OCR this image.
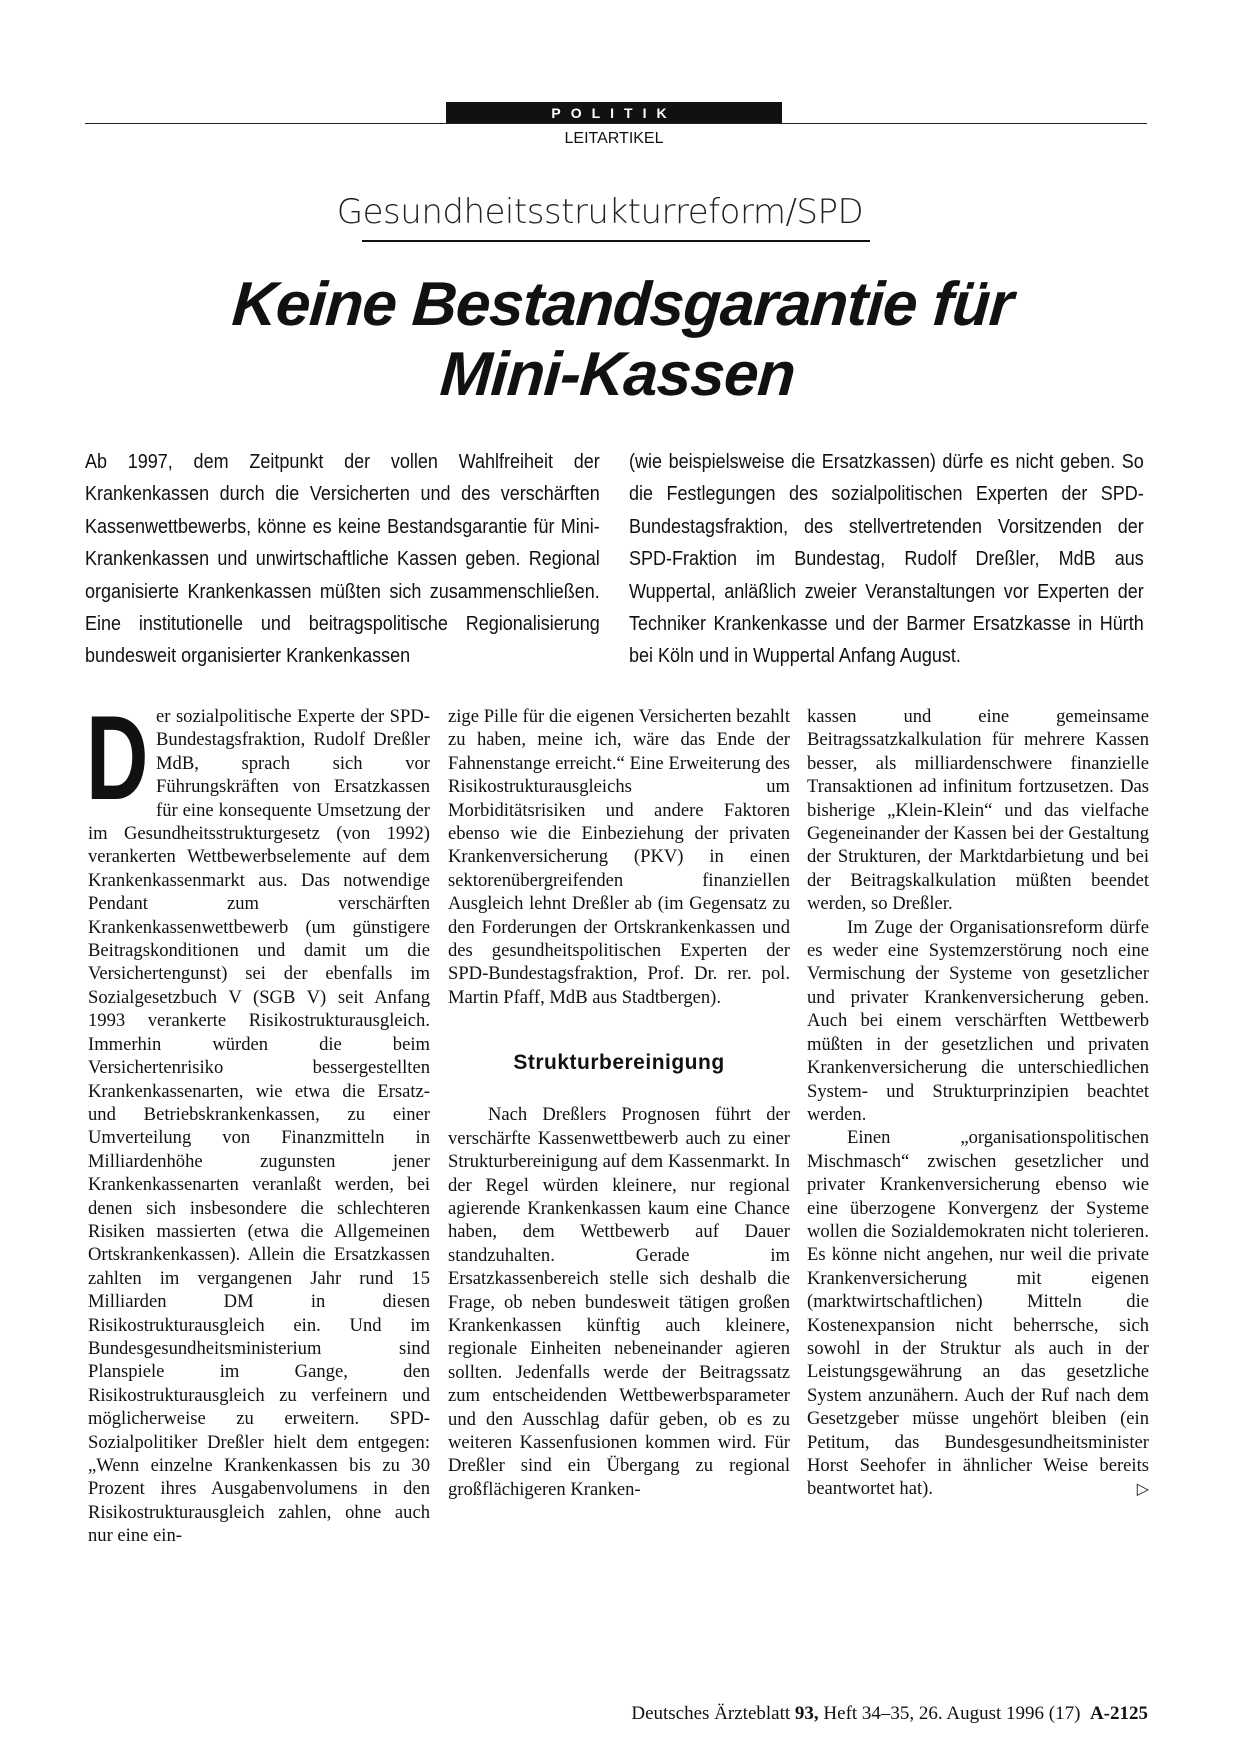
POLITIK
LEITARTIKEL
Gesundheitsstrukturreform/SPD
Keine Bestandsgarantie für
Mini-Kassen
Ab 1997, dem Zeitpunkt der vollen Wahlfreiheit der Krankenkassen durch die Versicherten und des verschärften Kassenwettbewerbs, könne es keine Bestandsgarantie für Mini-Krankenkassen und unwirtschaftliche Kassen geben. Regional organisierte Krankenkassen müßten sich zusammenschließen. Eine institutionelle und beitragspolitische Regionalisierung bundesweit organisierter Krankenkassen
(wie beispielsweise die Ersatzkassen) dürfe es nicht geben. So die Festlegungen des sozialpolitischen Experten der SPD-Bundestagsfraktion, des stellvertretenden Vorsitzenden der SPD-Fraktion im Bundestag, Rudolf Dreßler, MdB aus Wuppertal, anläßlich zweier Veranstaltungen vor Experten der Techniker Krankenkasse und der Barmer Ersatzkasse in Hürth bei Köln und in Wuppertal Anfang August.

D er sozialpolitische Experte der SPD-Bundestagsfraktion, Rudolf Dreßler MdB, sprach sich vor Führungskräften von Ersatzkassen für eine konsequente Umsetzung der im Gesundheitsstrukturgesetz (von 1992) verankerten Wettbewerbselemente auf dem Krankenkassenmarkt aus. Das notwendige Pendant zum verschärften Krankenkassenwettbewerb (um günstigere Beitragskonditionen und damit um die Versichertengunst) sei der ebenfalls im Sozialgesetzbuch V (SGB V) seit Anfang 1993 verankerte Risikostrukturausgleich. Immerhin würden die beim Versichertenrisiko bessergestellten Krankenkassenarten, wie etwa die Ersatz- und Betriebskrankenkassen, zu einer Umverteilung von Finanzmitteln in Milliardenhöhe zugunsten jener Krankenkassenarten veranlaßt werden, bei denen sich insbesondere die schlechteren Risiken massierten (etwa die Allgemeinen Ortskrankenkassen). Allein die Ersatzkassen zahlten im vergangenen Jahr rund 15 Milliarden DM in diesen Risikostrukturausgleich ein. Und im Bundesgesundheitsministerium sind Planspiele im Gange, den Risikostrukturausgleich zu verfeinern und möglicherweise zu erweitern. SPD-Sozialpolitiker Dreßler hielt dem entgegen: „Wenn einzelne Krankenkassen bis zu 30 Prozent ihres Ausgabenvolumens in den Risikostrukturausgleich zahlen, ohne auch nur eine ein-

zige Pille für die eigenen Versicherten bezahlt zu haben, meine ich, wäre das Ende der Fahnenstange erreicht.“ Eine Erweiterung des Risikostrukturausgleichs um Morbiditätsrisiken und andere Faktoren ebenso wie die Einbeziehung der privaten Krankenversicherung (PKV) in einen sektorenübergreifenden finanziellen Ausgleich lehnt Dreßler ab (im Gegensatz zu den Forderungen der Ortskrankenkassen und des gesundheitspolitischen Experten der SPD-Bundestagsfraktion, Prof. Dr. rer. pol. Martin Pfaff, MdB aus Stadtbergen).

Strukturbereinigung

Nach Dreßlers Prognosen führt der verschärfte Kassenwettbewerb auch zu einer Strukturbereinigung auf dem Kassenmarkt. In der Regel würden kleinere, nur regional agierende Krankenkassen kaum eine Chance haben, dem Wettbewerb auf Dauer standzuhalten. Gerade im Ersatzkassenbereich stelle sich deshalb die Frage, ob neben bundesweit tätigen großen Krankenkassen künftig auch kleinere, regionale Einheiten nebeneinander agieren sollten. Jedenfalls werde der Beitragssatz zum entscheidenden Wettbewerbsparameter und den Ausschlag dafür geben, ob es zu weiteren Kassenfusionen kommen wird. Für Dreßler sind ein Übergang zu regional großflächigeren Kranken-

kassen und eine gemeinsame Beitragssatzkalkulation für mehrere Kassen besser, als milliardenschwere finanzielle Transaktionen ad infinitum fortzusetzen. Das bisherige „Klein-Klein“ und das vielfache Gegeneinander der Kassen bei der Gestaltung der Strukturen, der Marktdarbietung und bei der Beitragskalkulation müßten beendet werden, so Dreßler.

Im Zuge der Organisationsreform dürfe es weder eine Systemzerstörung noch eine Vermischung der Systeme von gesetzlicher und privater Krankenversicherung geben. Auch bei einem verschärften Wettbewerb müßten in der gesetzlichen und privaten Krankenversicherung die unterschiedlichen System- und Strukturprinzipien beachtet werden.

Einen „organisationspolitischen Mischmasch“ zwischen gesetzlicher und privater Krankenversicherung ebenso wie eine überzogene Konvergenz der Systeme wollen die Sozialdemokraten nicht tolerieren. Es könne nicht angehen, nur weil die private Krankenversicherung mit eigenen (marktwirtschaftlichen) Mitteln die Kostenexpansion nicht beherrsche, sich sowohl in der Struktur als auch in der Leistungsgewährung an das gesetzliche System anzunähern. Auch der Ruf nach dem Gesetzgeber müsse ungehört bleiben (ein Petitum, das Bundesgesundheitsminister Horst Seehofer in ähnlicher Weise bereits beantwortet hat).	▷

Deutsches Ärzteblatt 93, Heft 34–35, 26. August 1996 (17) A-2125
